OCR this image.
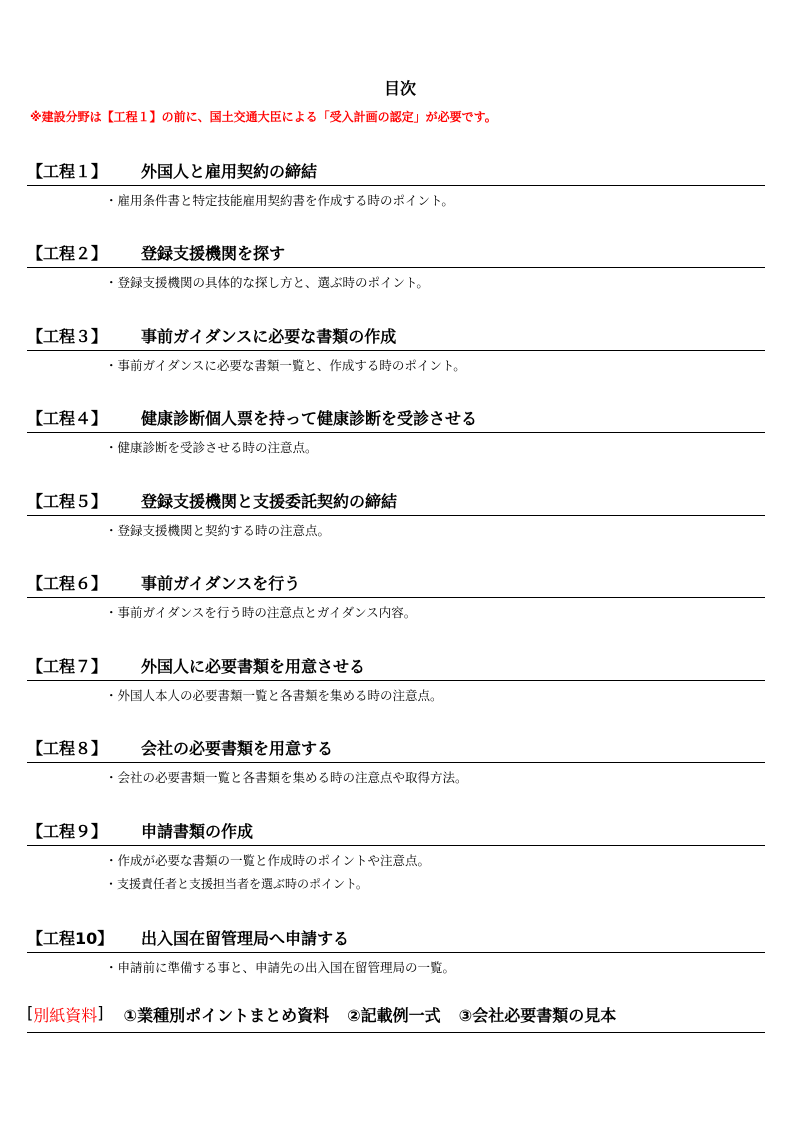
目次
※建設分野は【工程１】の前に、国土交通大臣による「受入計画の認定」が必要です。
【工程１】	外国人と雇用契約の締結
・雇用条件書と特定技能雇用契約書を作成する時のポイント。
【工程２】	登録支援機関を探す
・登録支援機関の具体的な探し方と、選ぶ時のポイント。
【工程３】	事前ガイダンスに必要な書類の作成
・事前ガイダンスに必要な書類一覧と、作成する時のポイント。
【工程４】	健康診断個人票を持って健康診断を受診させる
・健康診断を受診させる時の注意点。
【工程５】	登録支援機関と支援委託契約の締結
・登録支援機関と契約する時の注意点。
【工程６】	事前ガイダンスを行う
・事前ガイダンスを行う時の注意点とガイダンス内容。
【工程７】	外国人に必要書類を用意させる
・外国人本人の必要書類一覧と各書類を集める時の注意点。
【工程８】	会社の必要書類を用意する
・会社の必要書類一覧と各書類を集める時の注意点や取得方法。
【工程９】	申請書類の作成
・作成が必要な書類の一覧と作成時のポイントや注意点。
・支援責任者と支援担当者を選ぶ時のポイント。
【工程10】	出入国在留管理局へ申請する
・申請前に準備する事と、申請先の出入国在留管理局の一覧。
[ 別紙資料 ] ①業種別ポイントまとめ資料 ②記載例一式 ③会社必要書類の見本
